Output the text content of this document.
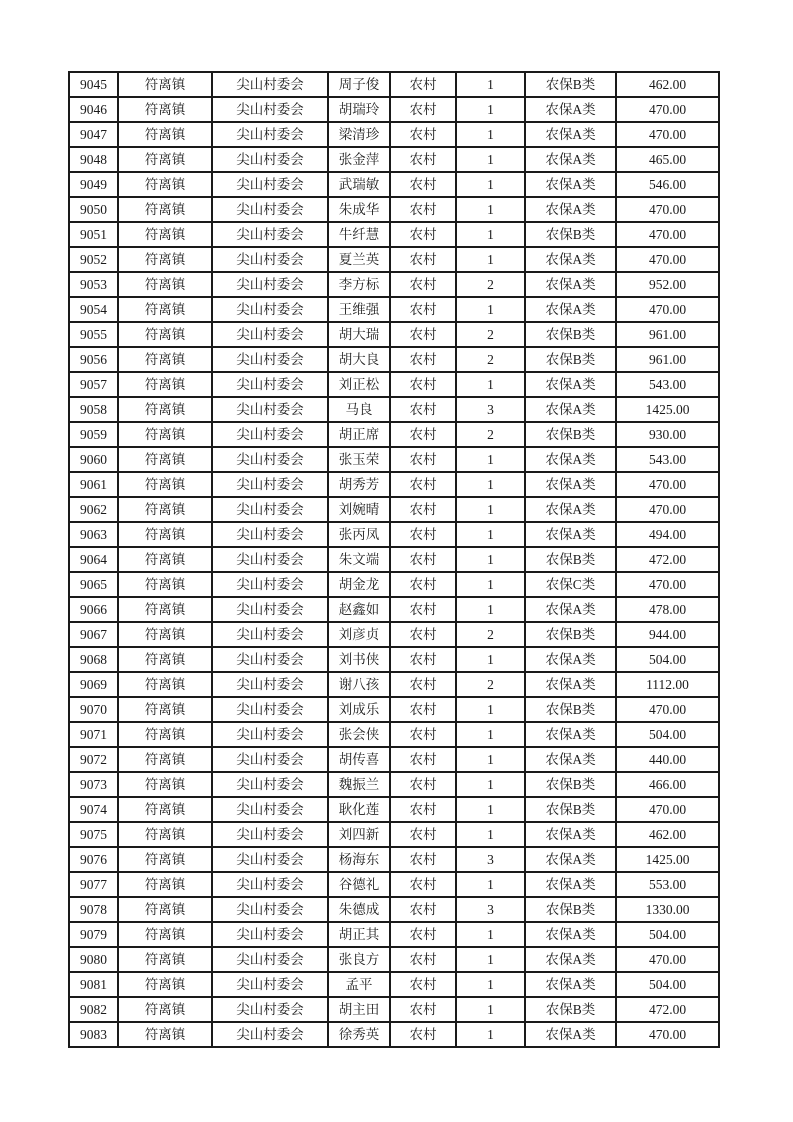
9045	符离镇	尖山村委会	周子俊	农村	1	农保B类	462.00
9046	符离镇	尖山村委会	胡瑞玲	农村	1	农保A类	470.00
9047	符离镇	尖山村委会	梁清珍	农村	1	农保A类	470.00
9048	符离镇	尖山村委会	张金萍	农村	1	农保A类	465.00
9049	符离镇	尖山村委会	武瑞敏	农村	1	农保A类	546.00
9050	符离镇	尖山村委会	朱成华	农村	1	农保A类	470.00
9051	符离镇	尖山村委会	牛纤慧	农村	1	农保B类	470.00
9052	符离镇	尖山村委会	夏兰英	农村	1	农保A类	470.00
9053	符离镇	尖山村委会	李方标	农村	2	农保A类	952.00
9054	符离镇	尖山村委会	王维强	农村	1	农保A类	470.00
9055	符离镇	尖山村委会	胡大瑞	农村	2	农保B类	961.00
9056	符离镇	尖山村委会	胡大良	农村	2	农保B类	961.00
9057	符离镇	尖山村委会	刘正松	农村	1	农保A类	543.00
9058	符离镇	尖山村委会	马良	农村	3	农保A类	1425.00
9059	符离镇	尖山村委会	胡正席	农村	2	农保B类	930.00
9060	符离镇	尖山村委会	张玉荣	农村	1	农保A类	543.00
9061	符离镇	尖山村委会	胡秀芳	农村	1	农保A类	470.00
9062	符离镇	尖山村委会	刘婉晴	农村	1	农保A类	470.00
9063	符离镇	尖山村委会	张丙凤	农村	1	农保A类	494.00
9064	符离镇	尖山村委会	朱文端	农村	1	农保B类	472.00
9065	符离镇	尖山村委会	胡金龙	农村	1	农保C类	470.00
9066	符离镇	尖山村委会	赵鑫如	农村	1	农保A类	478.00
9067	符离镇	尖山村委会	刘彦贞	农村	2	农保B类	944.00
9068	符离镇	尖山村委会	刘书侠	农村	1	农保A类	504.00
9069	符离镇	尖山村委会	谢八孩	农村	2	农保A类	1112.00
9070	符离镇	尖山村委会	刘成乐	农村	1	农保B类	470.00
9071	符离镇	尖山村委会	张会侠	农村	1	农保A类	504.00
9072	符离镇	尖山村委会	胡传喜	农村	1	农保A类	440.00
9073	符离镇	尖山村委会	魏振兰	农村	1	农保B类	466.00
9074	符离镇	尖山村委会	耿化莲	农村	1	农保B类	470.00
9075	符离镇	尖山村委会	刘四新	农村	1	农保A类	462.00
9076	符离镇	尖山村委会	杨海东	农村	3	农保A类	1425.00
9077	符离镇	尖山村委会	谷德礼	农村	1	农保A类	553.00
9078	符离镇	尖山村委会	朱德成	农村	3	农保B类	1330.00
9079	符离镇	尖山村委会	胡正其	农村	1	农保A类	504.00
9080	符离镇	尖山村委会	张良方	农村	1	农保A类	470.00
9081	符离镇	尖山村委会	孟平	农村	1	农保A类	504.00
9082	符离镇	尖山村委会	胡主田	农村	1	农保B类	472.00
9083	符离镇	尖山村委会	徐秀英	农村	1	农保A类	470.00
